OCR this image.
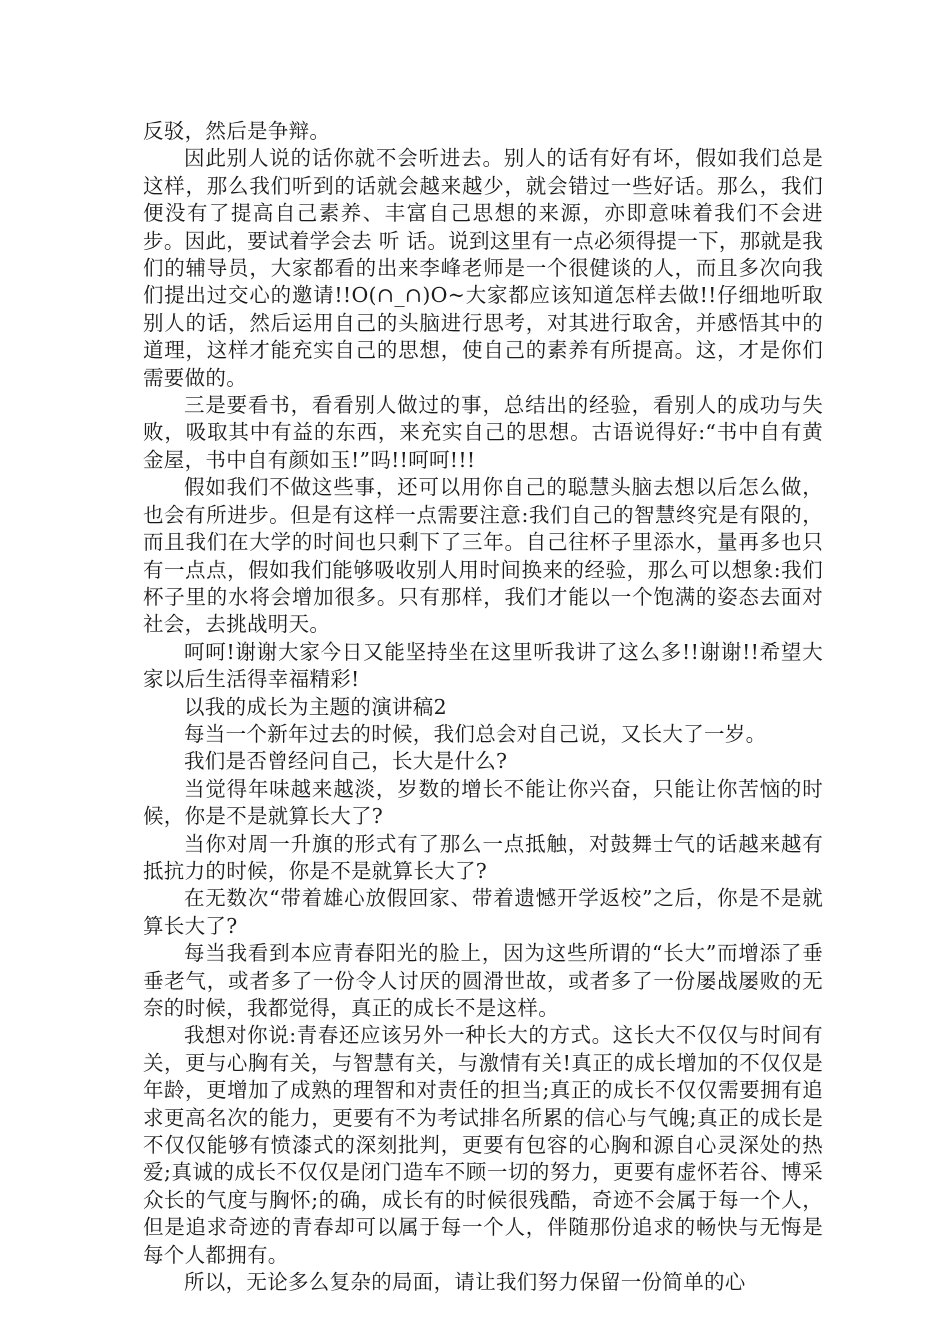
反驳，然后是争辩。

因此别人说的话你就不会听进去。别人的话有好有坏，假如我们总是这样，那么我们听到的话就会越来越少，就会错过一些好话。那么，我们便没有了提高自己素养、丰富自己思想的来源，亦即意味着我们不会进步。因此，要试着学会去 听 话。说到这里有一点必须得提一下，那就是我们的辅导员，大家都看的出来李峰老师是一个很健谈的人，而且多次向我们提出过交心的邀请!!O(∩_∩)O~大家都应该知道怎样去做!!仔细地听取别人的话，然后运用自己的头脑进行思考，对其进行取舍，并感悟其中的道理，这样才能充实自己的思想，使自己的素养有所提高。这，才是你们需要做的。

三是要看书，看看别人做过的事，总结出的经验，看别人的成功与失败，吸取其中有益的东西，来充实自己的思想。古语说得好:“书中自有黄金屋，书中自有颜如玉!”吗!!呵呵!!!

假如我们不做这些事，还可以用你自己的聪慧头脑去想以后怎么做，也会有所进步。但是有这样一点需要注意:我们自己的智慧终究是有限的，而且我们在大学的时间也只剩下了三年。自己往杯子里添水，量再多也只有一点点，假如我们能够吸收别人用时间换来的经验，那么可以想象:我们杯子里的水将会增加很多。只有那样，我们才能以一个饱满的姿态去面对社会，去挑战明天。

呵呵!谢谢大家今日又能坚持坐在这里听我讲了这么多!!谢谢!!希望大家以后生活得幸福精彩!

以我的成长为主题的演讲稿2

每当一个新年过去的时候，我们总会对自己说，又长大了一岁。

我们是否曾经问自己，长大是什么?

当觉得年味越来越淡，岁数的增长不能让你兴奋，只能让你苦恼的时候，你是不是就算长大了?

当你对周一升旗的形式有了那么一点抵触，对鼓舞士气的话越来越有抵抗力的时候，你是不是就算长大了?

在无数次“带着雄心放假回家、带着遗憾开学返校”之后，你是不是就算长大了?

每当我看到本应青春阳光的脸上，因为这些所谓的“长大”而增添了垂垂老气，或者多了一份令人讨厌的圆滑世故，或者多了一份屡战屡败的无奈的时候，我都觉得，真正的成长不是这样。

我想对你说:青春还应该另外一种长大的方式。这长大不仅仅与时间有关，更与心胸有关，与智慧有关，与激情有关!真正的成长增加的不仅仅是年龄，更增加了成熟的理智和对责任的担当;真正的成长不仅仅需要拥有追求更高名次的能力，更要有不为考试排名所累的信心与气魄;真正的成长是不仅仅能够有愤漆式的深刻批判，更要有包容的心胸和源自心灵深处的热爱;真诚的成长不仅仅是闭门造车不顾一切的努力，更要有虚怀若谷、博采众长的气度与胸怀;的确，成长有的时候很残酷，奇迹不会属于每一个人，但是追求奇迹的青春却可以属于每一个人，伴随那份追求的畅快与无悔是每个人都拥有。

所以，无论多么复杂的局面，请让我们努力保留一份简单的心
